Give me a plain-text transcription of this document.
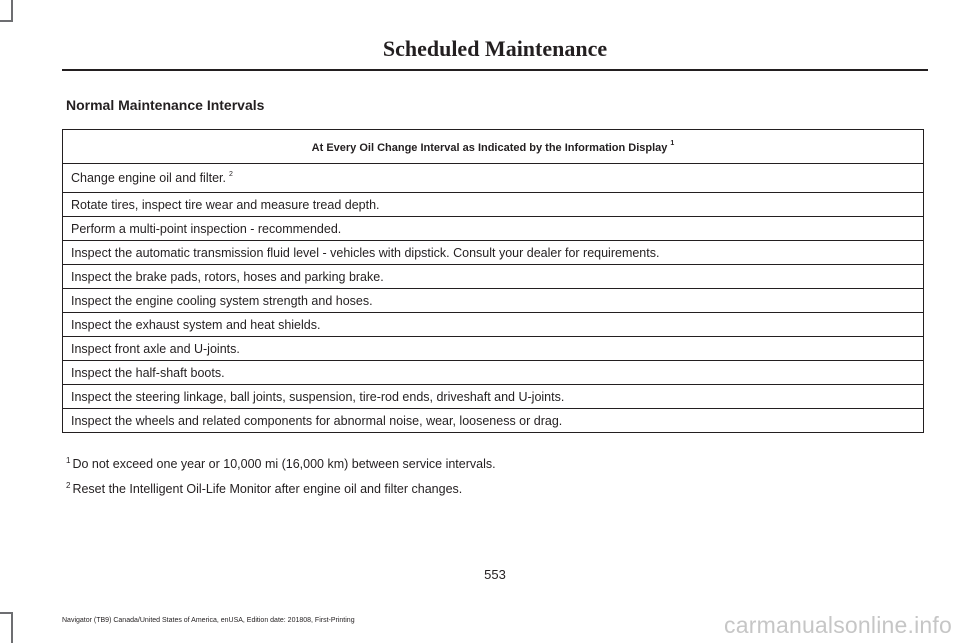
Scheduled Maintenance
Normal Maintenance Intervals
At Every Oil Change Interval as Indicated by the Information Display $^1$
Change engine oil and filter. $^2$
Rotate tires, inspect tire wear and measure tread depth.
Perform a multi-point inspection - recommended.
Inspect the automatic transmission fluid level - vehicles with dipstick. Consult your dealer for requirements.
Inspect the brake pads, rotors, hoses and parking brake.
Inspect the engine cooling system strength and hoses.
Inspect the exhaust system and heat shields.
Inspect front axle and U-joints.
Inspect the half-shaft boots.
Inspect the steering linkage, ball joints, suspension, tire-rod ends, driveshaft and U-joints.
Inspect the wheels and related components for abnormal noise, wear, looseness or drag.
$^1$ Do not exceed one year or 10,000 mi (16,000 km) between service intervals.
$^2$ Reset the Intelligent Oil-Life Monitor after engine oil and filter changes.
553
Navigator (TB9) Canada/United States of America, enUSA, Edition date: 201808, First-Printing	carmanualsonline.info
